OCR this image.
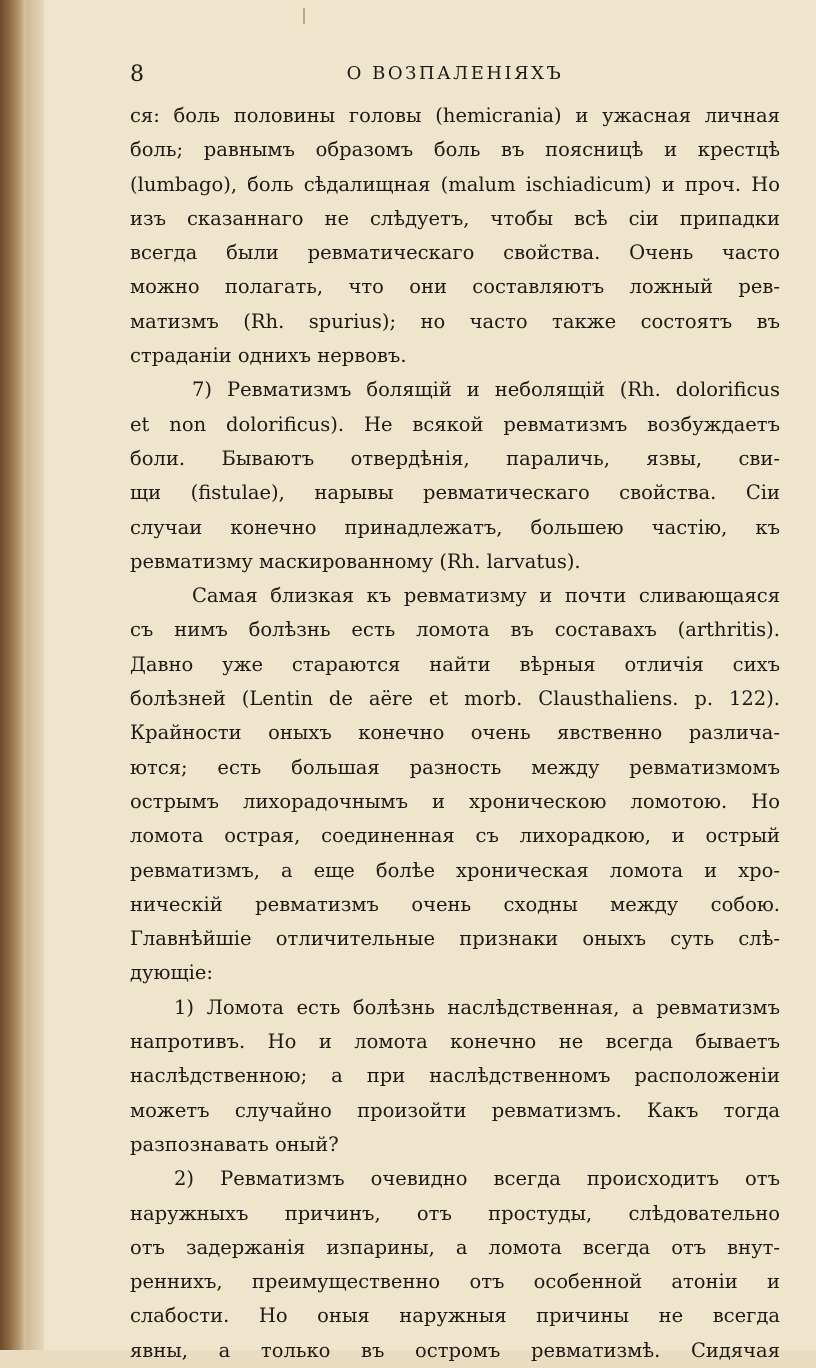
8	О ВОЗПАЛЕНІЯХЪ
ся: боль половины головы (hemicrania) и ужасная личная
боль; равнымъ образомъ боль въ поясницѣ и крестцѣ
(lumbago), боль сѣдалищная (malum ischiadicum) и проч. Но
изъ сказаннаго не слѣдуетъ, чтобы всѣ сіи припадки
всегда были ревматическаго свойства. Очень часто
можно полагать, что они составляютъ ложный рев-
матизмъ (Rh. spurius); но часто также состоятъ въ
страданіи однихъ нервовъ.
7) Ревматизмъ болящій и неболящій (Rh. dolorificus
et non dolorificus). Не всякой ревматизмъ возбуждаетъ
боли. Бываютъ отвердѣнія, параличь, язвы, сви-
щи (fistulae), нарывы ревматическаго свойства. Сіи
случаи конечно принадлежатъ, большею частію, къ
ревматизму маскированному (Rh. larvatus).
Самая близкая къ ревматизму и почти сливающаяся
съ нимъ болѣзнь есть ломота въ составахъ (arthritis).
Давно уже стараются найти вѣрныя отличія сихъ
болѣзней (Lentin de aëre et morb. Clausthaliens. p. 122).
Крайности оныхъ конечно очень явственно различа-
ются; есть большая разность между ревматизмомъ
острымъ лихорадочнымъ и хроническою ломотою. Но
ломота острая, соединенная съ лихорадкою, и острый
ревматизмъ, а еще болѣе хроническая ломота и хро-
ническій ревматизмъ очень сходны между собою.
Главнѣйшіе отличительные признаки оныхъ суть слѣ-
дующіе:
1) Ломота есть болѣзнь наслѣдственная, а ревматизмъ
напротивъ. Но и ломота конечно не всегда бываетъ
наслѣдственною; а при наслѣдственномъ расположеніи
можетъ случайно произойти ревматизмъ. Какъ тогда
разпознавать оный?
2) Ревматизмъ очевидно всегда происходитъ отъ
наружныхъ причинъ, отъ простуды, слѣдовательно
отъ задержанія изпарины, а ломота всегда отъ внут-
реннихъ, преимущественно отъ особенной атоніи и
слабости. Но оныя наружныя причины не всегда
явны, а только въ остромъ ревматизмѣ. Сидячая
